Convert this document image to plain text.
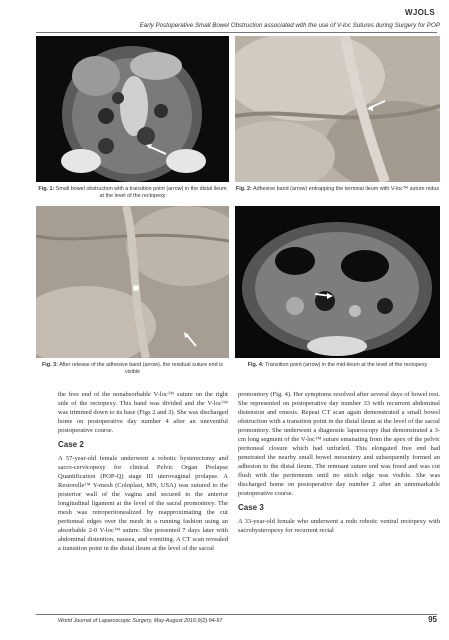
WJOLS
Early Postoperative Small Bowel Obstruction associated with the use of V-loc Sutures during Surgery for POP
Fig. 1: Small bowel obstruction with a transition point (arrow) in the distal ileum at the level of the rectopexy
Fig. 2: Adhesive band (arrow) entrapping the terminal ileum with V-loc™ suture nidus
Fig. 3: After release of the adhesive band (arrow), the residual suture end is visible
Fig. 4: Transition point (arrow) in the mid-ileum at the level of the rectopexy

the free end of the nonabsorbable V-loc™ suture on the right side of the rectopexy. This band was divided and the V-loc™ was trimmed down to its base (Figs 2 and 3). She was discharged home on postoperative day number 4 after an uneventful postoperative course.

Case 2

A 57-year-old female underwent a robotic hysterectomy and sacro-cervicopexy for clinical Pelvic Organ Prolapse Quantification (POP-Q) stage III uterovaginal prolapse. A Restorelle™ Y-mesh (Coloplast, MN, USA) was sutured to the posterior wall of the vagina and secured to the anterior longitudinal ligament at the level of the sacral promontory. The mesh was retroperitonealized by reapproximating the cut peritoneal edges over the mesh in a running fashion using an absorbable 2-0 V-loc™ suture. She presented 7 days later with abdominal distention, nausea, and vomiting. A CT scan revealed a transition point in the distal ileum at the level of the sacral

promontory (Fig. 4). Her symptoms resolved after several days of bowel rest. She represented on postoperative day number 33 with recurrent abdominal distension and emesis. Repeat CT scan again demonstrated a small bowel obstruction with a transition point in the distal ileum at the level of the sacral promontory. She underwent a diagnostic laparoscopy that demonstrated a 3-cm long segment of the V-loc™ suture emanating from the apex of the pelvic peritoneal closure which had unfurled. This elongated free end had penetrated the nearby small bowel mesentery and subsequently formed an adhesion to the distal ileum. The remnant suture end was freed and was cut flush with the peritoneum until no stitch edge was visible. She was discharged home on postoperative day number 2 after an unremarkable postoperative course.

Case 3

A 33-year-old female who underwent a redo robotic ventral rectopexy with sacrohysteropexy for recurrent rectal

World Journal of Laparoscopic Surgery, May-August 2016;9(2):94-97	95
